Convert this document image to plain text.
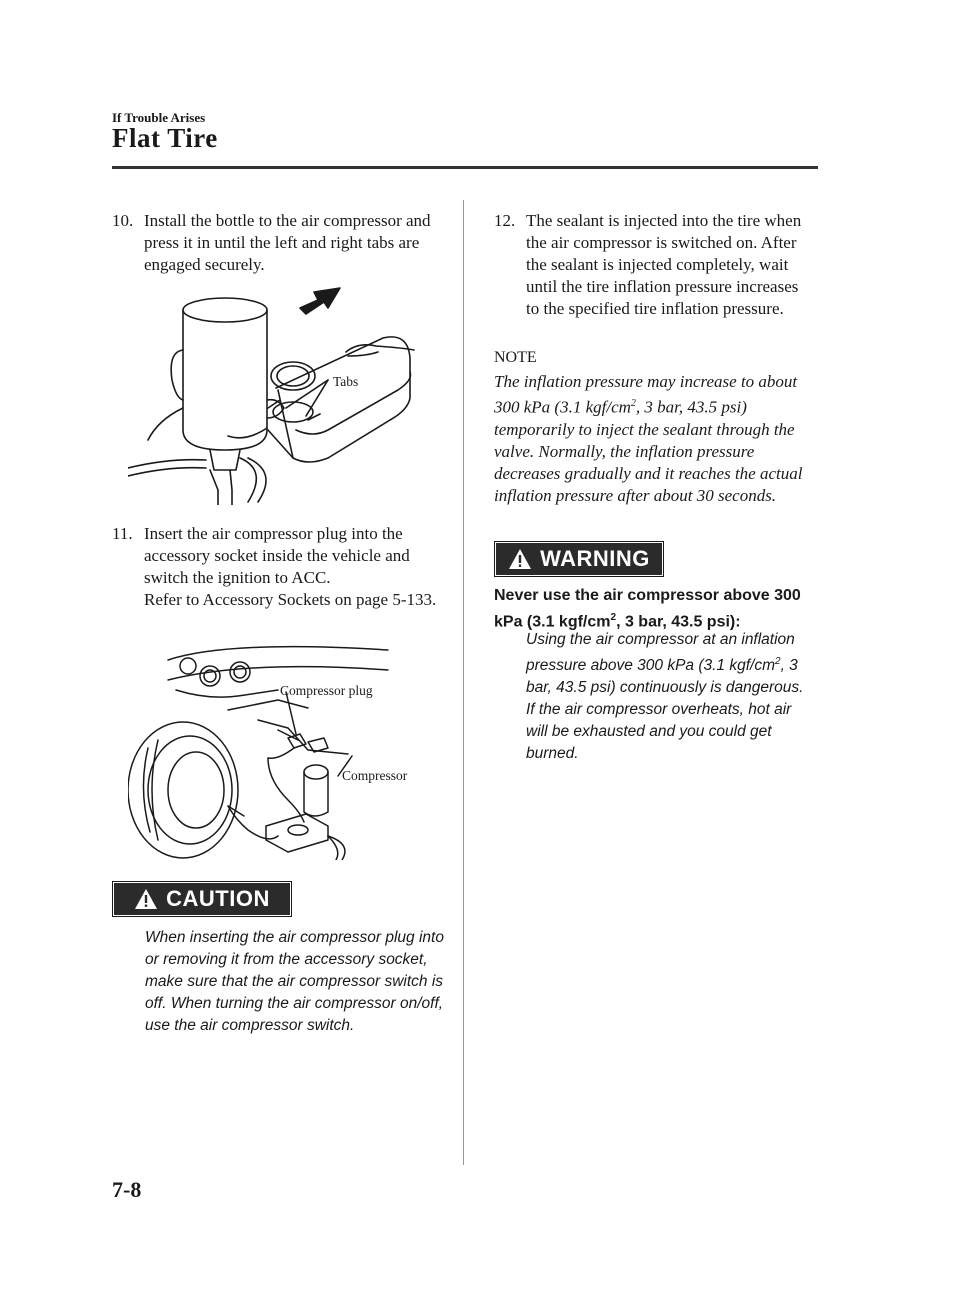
If Trouble Arises
Flat Tire
10. Install the bottle to the air compressor and press it in until the left and right tabs are engaged securely.
Tabs
11. Insert the air compressor plug into the accessory socket inside the vehicle and switch the ignition to ACC.
Refer to Accessory Sockets on page 5-133.
Compressor plug
Compressor
CAUTION
When inserting the air compressor plug into or removing it from the accessory socket, make sure that the air compressor switch is off. When turning the air compressor on/off, use the air compressor switch.
12. The sealant is injected into the tire when the air compressor is switched on. After the sealant is injected completely, wait until the tire inflation pressure increases to the specified tire inflation pressure.
NOTE
The inflation pressure may increase to about 300 kPa (3.1 kgf/$cm^2$, 3 bar, 43.5 psi) temporarily to inject the sealant through the valve. Normally, the inflation pressure decreases gradually and it reaches the actual inflation pressure after about 30 seconds.
WARNING
Never use the air compressor above 300 kPa (3.1 kgf/$cm^2$, 3 bar, 43.5 psi):
Using the air compressor at an inflation pressure above 300 kPa (3.1 kgf/$cm^2$, 3 bar, 43.5 psi) continuously is dangerous. If the air compressor overheats, hot air will be exhausted and you could get burned.
7-8
